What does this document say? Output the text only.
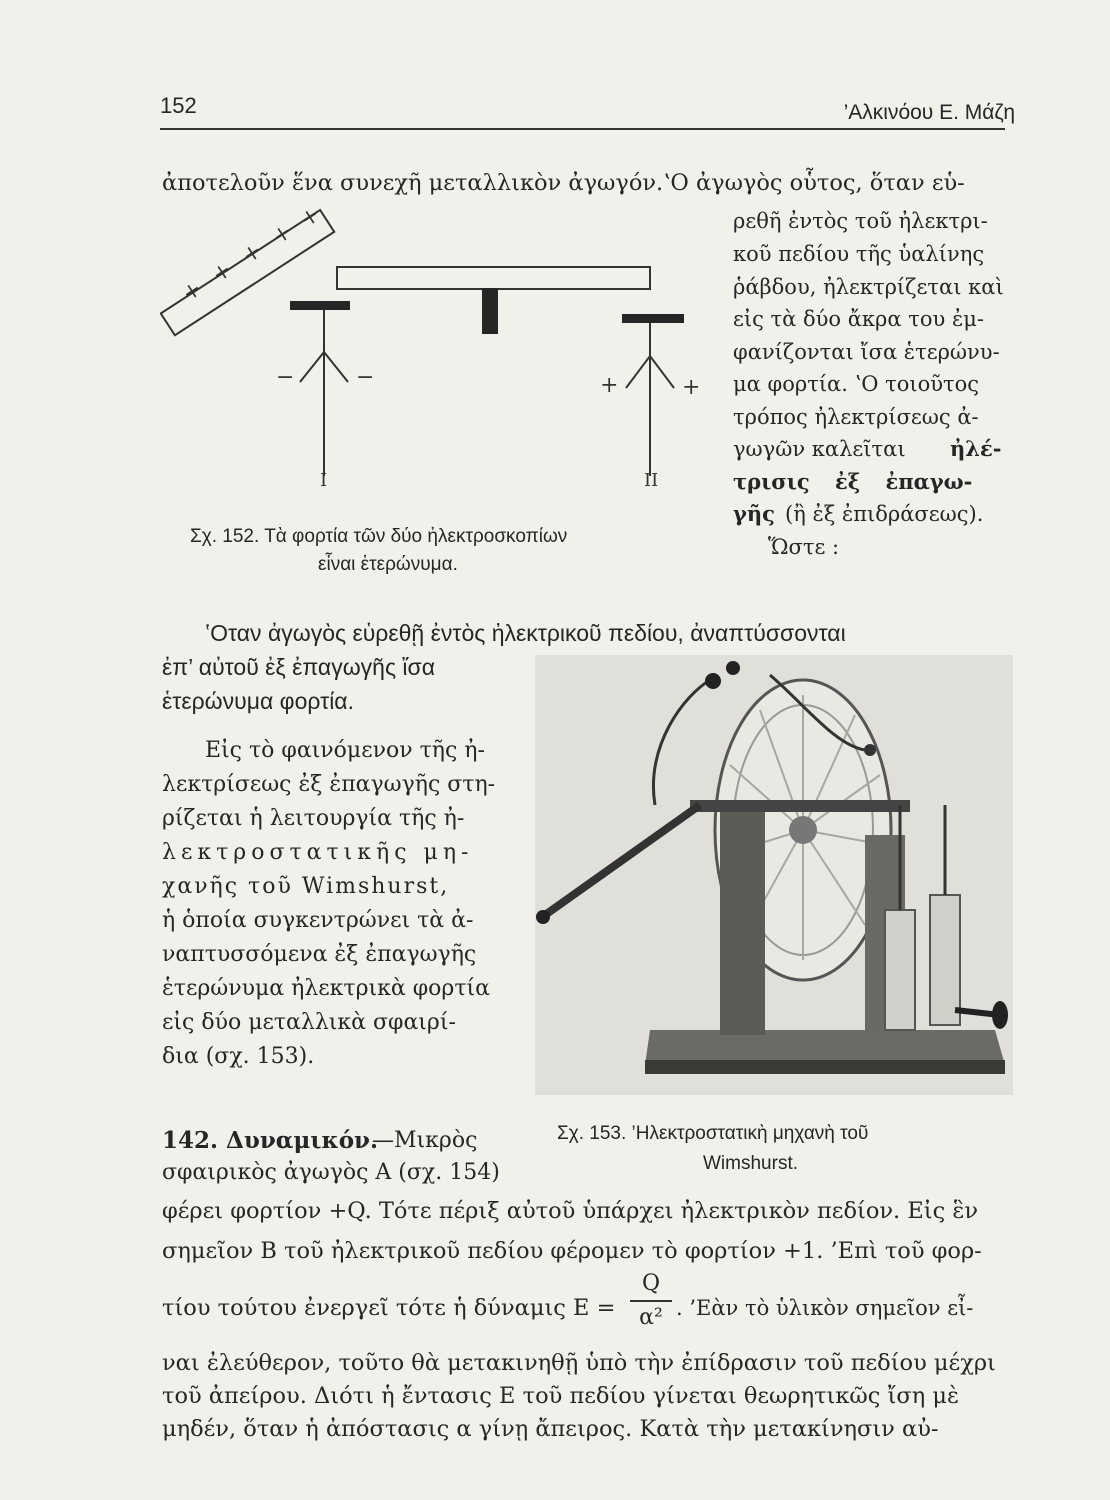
152	’Αλκινόου Ε. Μάζη
ἀποτελοῦν ἕνα συνεχῆ μεταλλικὸν ἀγωγόν.ʽΟ ἀγωγὸς οὗτος, ὅταν εὑ-
ρεθῆ ἐντὸς τοῦ ἠλεκτρι-
κοῦ πεδίου τῆς ὑαλίνης
ῥάβδου, ἠλεκτρίζεται καὶ
εἰς τὰ δύο ἄκρα του ἐμ-
φανίζονται ἴσα ἑτερώνυ-
μα φορτία. ʽΟ τοιοῦτος
τρόπος ἠλεκτρίσεως ἀ-
γωγῶν καλεῖται ἠλέ-
τρισις ἐξ ἐπαγω-
γῆς (ἢ ἐξ ἐπιδράσεως).
Ὥστε :
+
+
+
+
+
−	−
I
+	+
II
Σχ. 152. Τὰ φορτία τῶν δύο ἠλεκτροσκοπίων
εἶναι ἑτερώνυμα.
ʽΟταν ἀγωγὸς εὑρεθῇ ἐντὸς ἠλεκτρικοῦ πεδίου, ἀναπτύσσονται
ἐπ’ αὐτοῦ ἐξ ἐπαγωγῆς ἴσα
ἑτερώνυμα φορτία.
Εἰς τὸ φαινόμενον τῆς ἠ-
λεκτρίσεως ἐξ ἐπαγωγῆς στη-
ρίζεται ἡ λειτουργία τῆς ἠ-
λεκτροστατικῆς μη-
χανῆς τοῦ Wimshurst,
ἡ ὁποία συγκεντρώνει τὰ ἀ-
ναπτυσσόμενα ἐξ ἐπαγωγῆς
ἑτερώνυμα ἠλεκτρικὰ φορτία
εἰς δύο μεταλλικὰ σφαιρί-
δια (σχ. 153).
Σχ. 153. ’Ηλεκτροστατικὴ μηχανὴ τοῦ
Wimshurst.
142. Δυναμικόν.
—Μικρὸς
σφαιρικὸς ἀγωγὸς Α (σχ. 154)
φέρει φορτίον +Q. Τότε πέριξ αὐτοῦ ὑπάρχει ἠλεκτρικὸν πεδίον. Εἰς ἓν
σημεῖον Β τοῦ ἠλεκτρικοῦ πεδίου φέρομεν τὸ φορτίον +1. ’Επὶ τοῦ φορ-
τίου τούτου ἐνεργεῖ τότε ἡ δύναμις Ε =
Q
α² . ’Εὰν τὸ ὑλικὸν σημεῖον εἶ-
ναι ἐλεύθερον, τοῦτο θὰ μετακινηθῇ ὑπὸ τὴν ἐπίδρασιν τοῦ πεδίου μέχρι
τοῦ ἀπείρου. Διότι ἡ ἔντασις Ε τοῦ πεδίου γίνεται θεωρητικῶς ἴση μὲ
μηδέν, ὅταν ἡ ἀπόστασις α γίνῃ ἄπειρος. Κατὰ τὴν μετακίνησιν αὐ-
